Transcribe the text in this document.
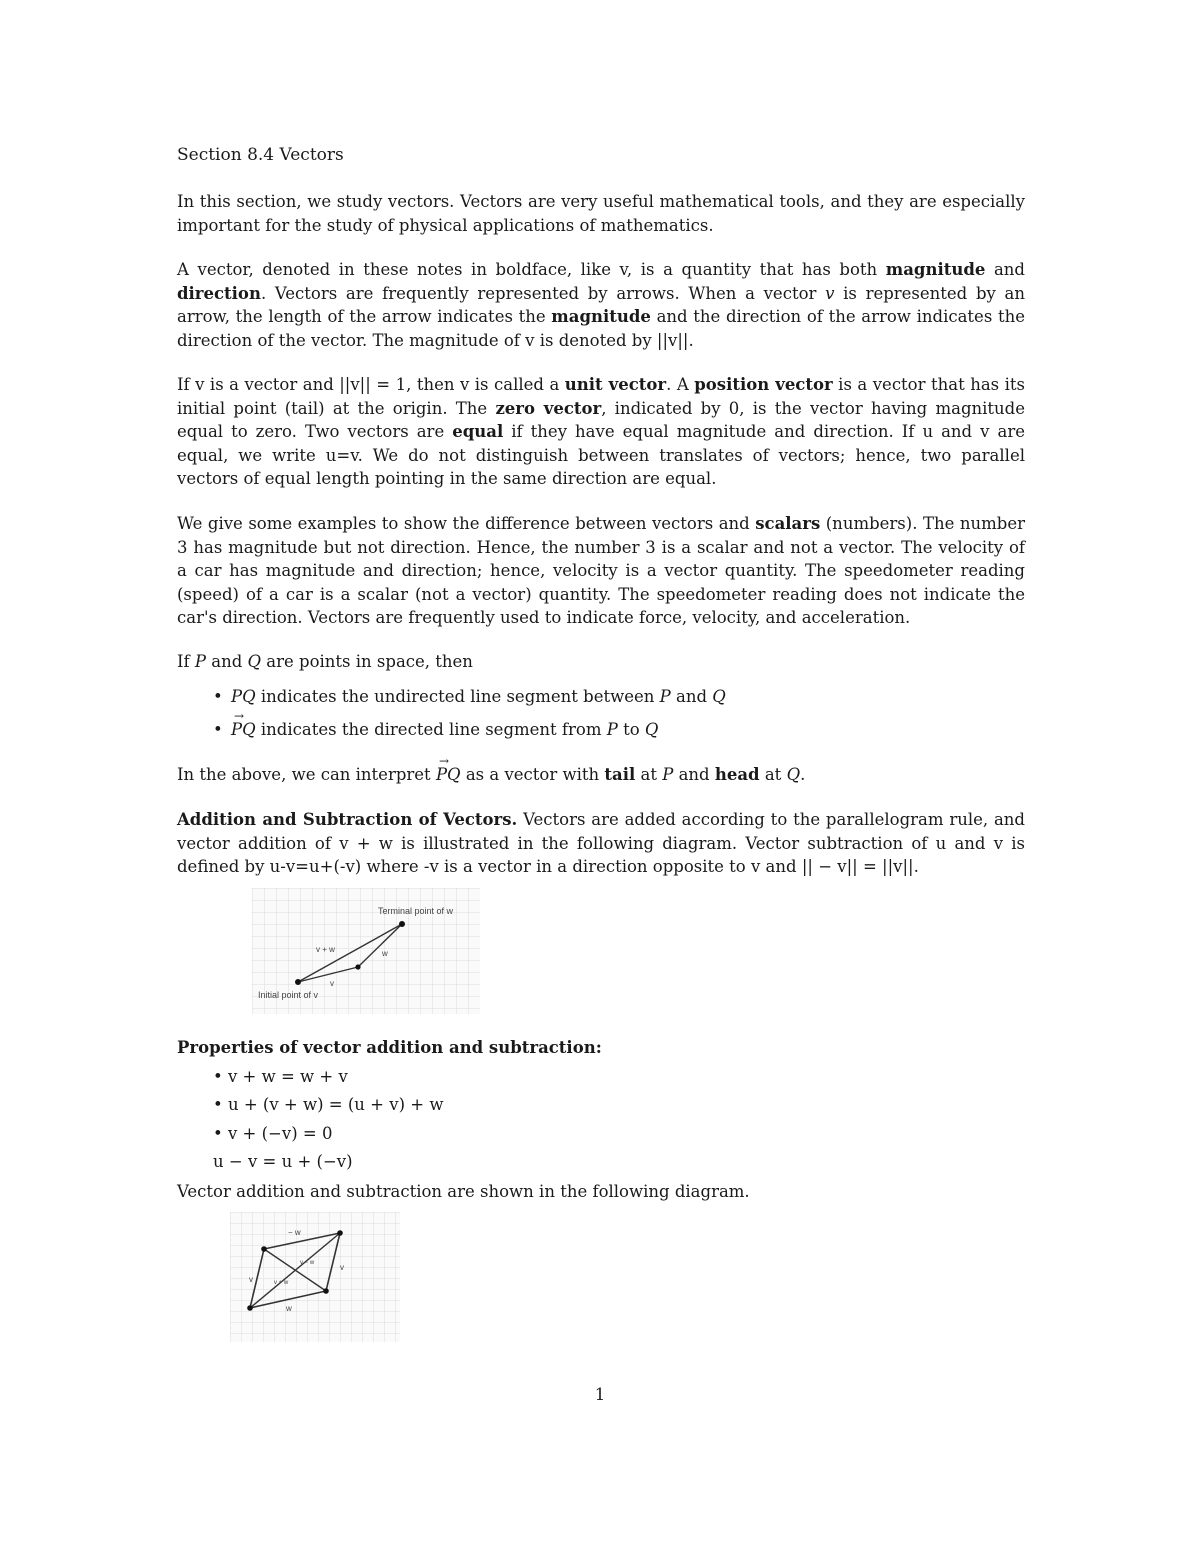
Section 8.4 Vectors
In this section, we study vectors. Vectors are very useful mathematical tools, and they are especially important for the study of physical applications of mathematics.
A vector, denoted in these notes in boldface, like v, is a quantity that has both magnitude and direction. Vectors are frequently represented by arrows. When a vector v is represented by an arrow, the length of the arrow indicates the magnitude and the direction of the arrow indicates the direction of the vector. The magnitude of v is denoted by ||v||.
If v is a vector and ||v|| = 1, then v is called a unit vector. A position vector is a vector that has its initial point (tail) at the origin. The zero vector, indicated by 0, is the vector having magnitude equal to zero. Two vectors are equal if they have equal magnitude and direction. If u and v are equal, we write u=v. We do not distinguish between translates of vectors; hence, two parallel vectors of equal length pointing in the same direction are equal.
We give some examples to show the difference between vectors and scalars (numbers). The number 3 has magnitude but not direction. Hence, the number 3 is a scalar and not a vector. The velocity of a car has magnitude and direction; hence, velocity is a vector quantity. The speedometer reading (speed) of a car is a scalar (not a vector) quantity. The speedometer reading does not indicate the car's direction. Vectors are frequently used to indicate force, velocity, and acceleration.
If P and Q are points in space, then
• PQ indicates the undirected line segment between P and Q
•→ PQ indicates the directed line segment from P to Q
In the above, we can interpret → PQ as a vector with tail at P and head at Q.
Addition and Subtraction of Vectors. Vectors are added according to the parallelogram rule, and vector addition of v + w is illustrated in the following diagram. Vector subtraction of u and v is defined by u-v=u+(-v) where -v is a vector in a direction opposite to v and || − v|| = ||v||.
Terminal point of w
Initial point of v
v + w	w
v
Properties of vector addition and subtraction:
• v + w = w + v
• u + (v + w) = (u + v) + w
• v + (−v) = 0
u − v = u + (−v)
Vector addition and subtraction are shown in the following diagram.
− w
v
v
w
v + w
v − w
1
